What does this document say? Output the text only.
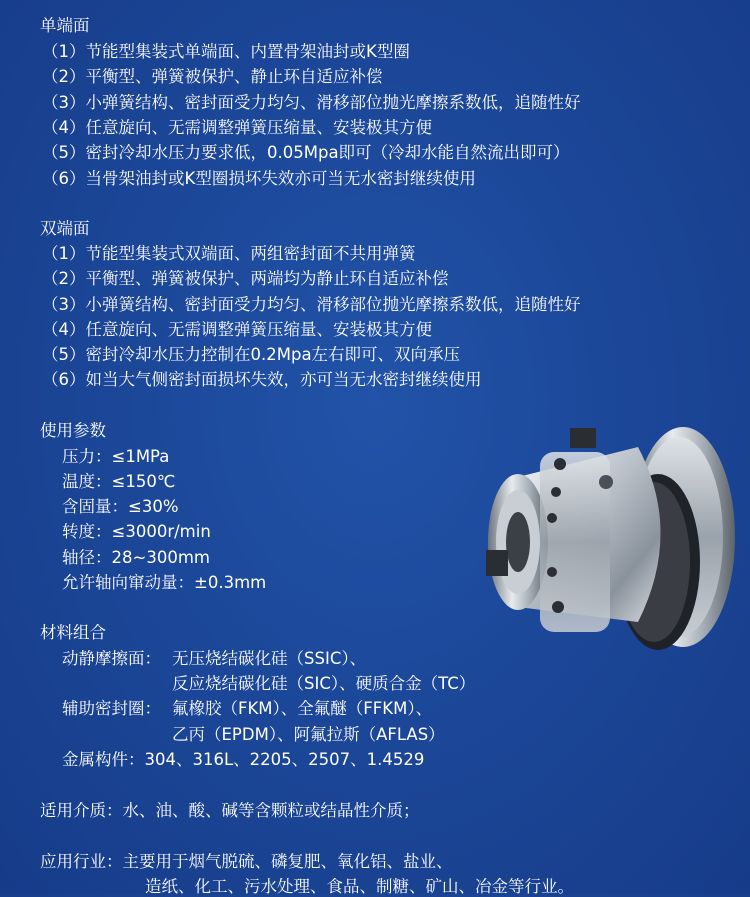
单端面
（1）节能型集装式单端面、内置骨架油封或K型圈
（2）平衡型、弹簧被保护、静止环自适应补偿
（3）小弹簧结构、密封面受力均匀、滑移部位抛光摩擦系数低，追随性好
（4）任意旋向、无需调整弹簧压缩量、安装极其方便
（5）密封冷却水压力要求低，0.05Mpa即可（冷却水能自然流出即可）
（6）当骨架油封或K型圈损坏失效亦可当无水密封继续使用
双端面
（1）节能型集装式双端面、两组密封面不共用弹簧
（2）平衡型、弹簧被保护、两端均为静止环自适应补偿
（3）小弹簧结构、密封面受力均匀、滑移部位抛光摩擦系数低，追随性好
（4）任意旋向、无需调整弹簧压缩量、安装极其方便
（5）密封冷却水压力控制在0.2Mpa左右即可、双向承压
（6）如当大气侧密封面损坏失效，亦可当无水密封继续使用
使用参数
压力：≤1MPa
温度：≤150℃
含固量：≤30%
转度：≤3000r/min
轴径：28~300mm
允许轴向窜动量：±0.3mm
材料组合
动静摩擦面： 无压烧结碳化硅（SSIC）、
反应烧结碳化硅（SIC）、硬质合金（TC）
辅助密封圈： 氟橡胶（FKM）、全氟醚（FFKM）、
乙丙（EPDM）、阿氟拉斯（AFLAS）
金属构件：304、316L、2205、2507、1.4529
适用介质：水、油、酸、碱等含颗粒或结晶性介质；
应用行业：主要用于烟气脱硫、磷复肥、氧化铝、盐业、
造纸、化工、污水处理、食品、制糖、矿山、冶金等行业。
